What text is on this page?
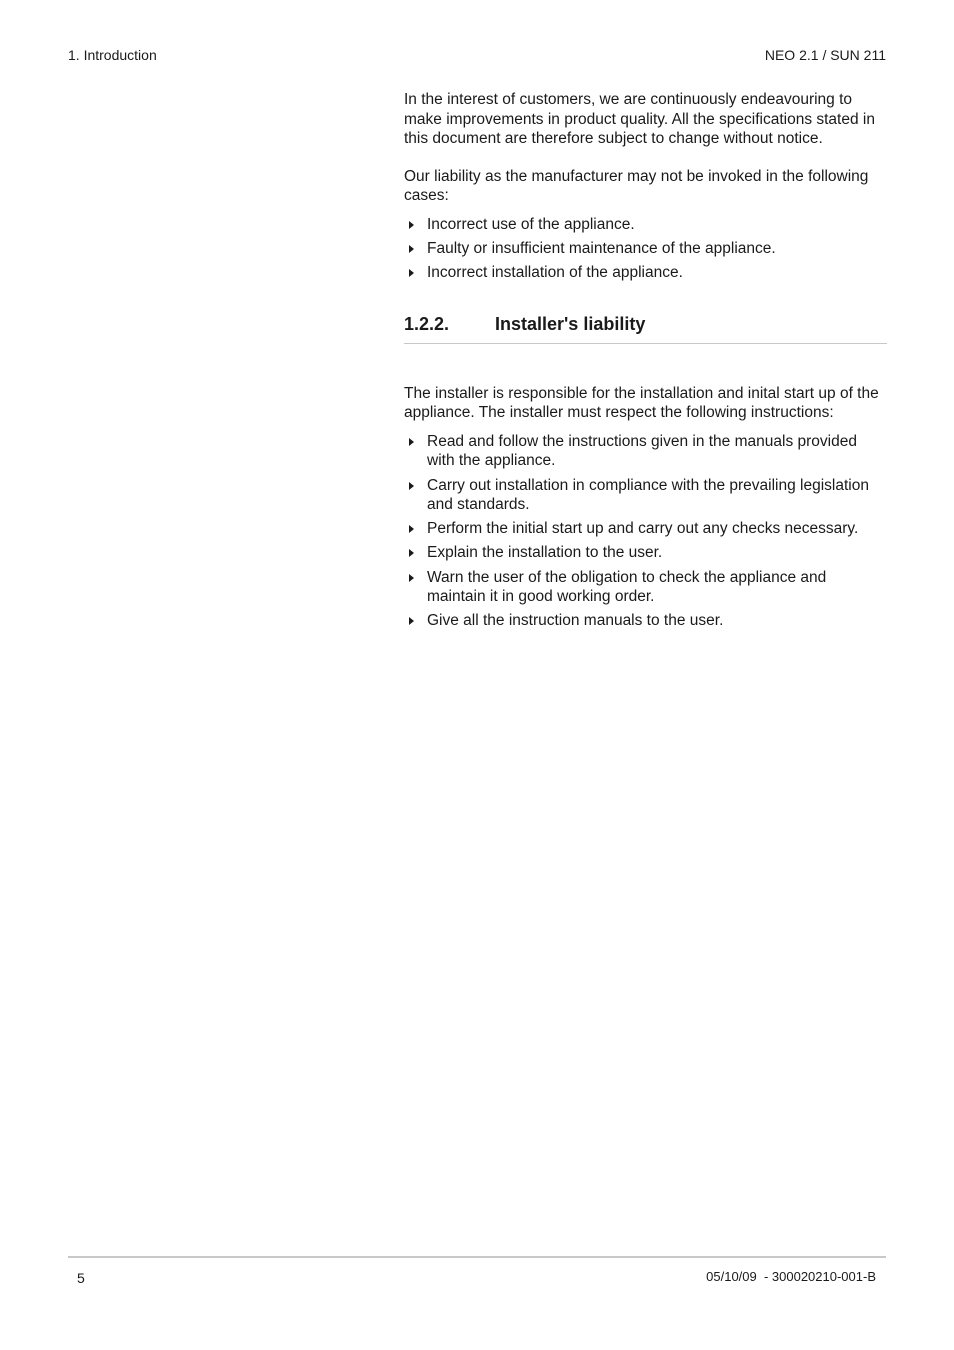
1. Introduction	NEO 2.1 / SUN 211

In the interest of customers, we are continuously endeavouring to make improvements in product quality. All the specifications stated in this document are therefore subject to change without notice.

Our liability as the manufacturer may not be invoked in the following cases:

Incorrect use of the appliance.
Faulty or insufficient maintenance of the appliance.
Incorrect installation of the appliance.
1.2.2.	Installer's liability

The installer is responsible for the installation and inital start up of the appliance. The installer must respect the following instructions:

Read and follow the instructions given in the manuals provided with the appliance.
Carry out installation in compliance with the prevailing legislation and standards.
Perform the initial start up and carry out any checks necessary.
Explain the installation to the user.
Warn the user of the obligation to check the appliance and maintain it in good working order.
Give all the instruction manuals to the user.
5	05/10/09  - 300020210-001-B
